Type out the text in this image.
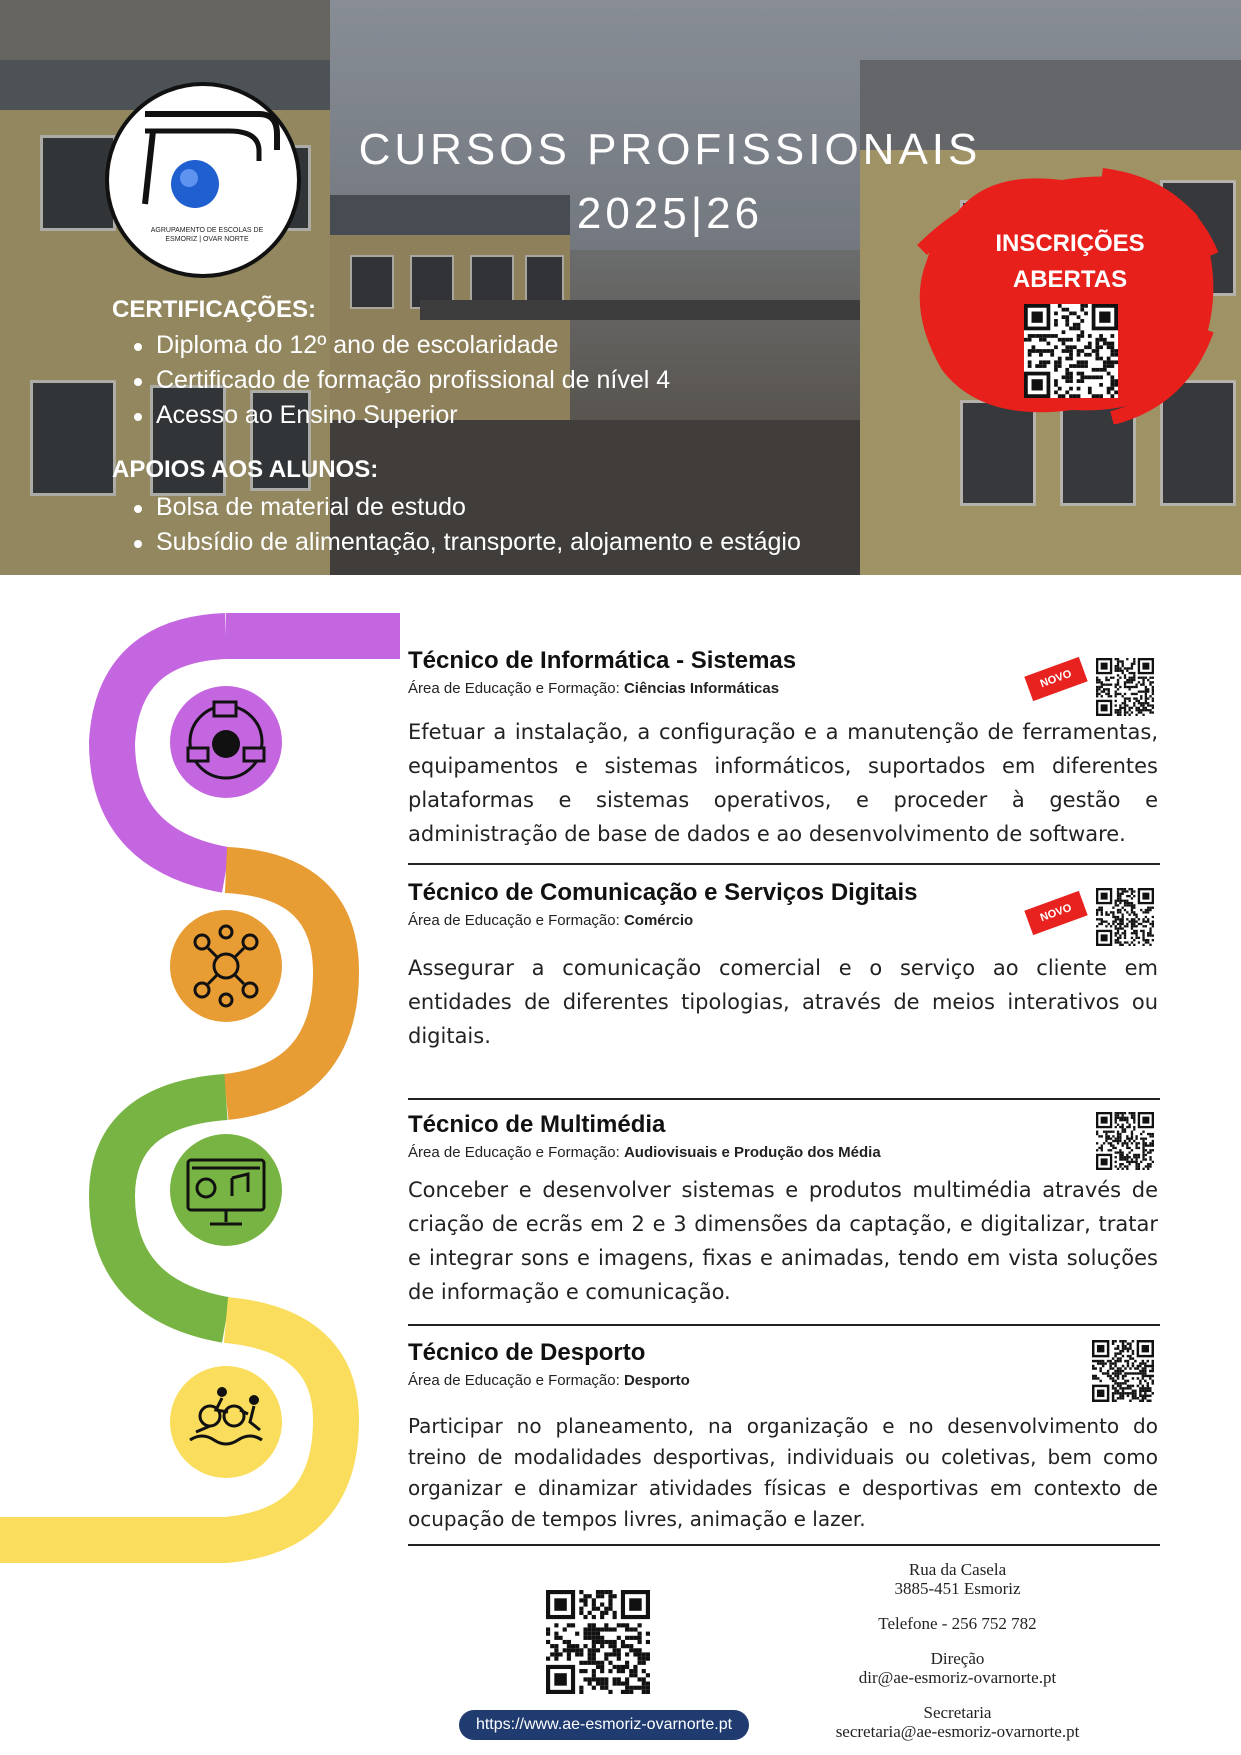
AGRUPAMENTO DE ESCOLAS DE ESMORIZ | OVAR NORTE
CURSOS PROFISSIONAIS
2025|26
CERTIFICAÇÕES:
Diploma do 12º ano de escolaridade
Certificado de formação profissional de nível 4
Acesso ao Ensino Superior
APOIOS AOS ALUNOS:
Bolsa de material de estudo
Subsídio de alimentação, transporte, alojamento e estágio
INSCRIÇÕES
ABERTAS
Técnico de Informática - Sistemas
Área de Educação e Formação: Ciências Informáticas
Efetuar a instalação, a configuração e a manutenção de ferramentas, equipamentos e sistemas informáticos, suportados em diferentes plataformas e sistemas operativos, e proceder à gestão e administração de base de dados e ao desenvolvimento de software.
NOVO
Técnico de Comunicação e Serviços Digitais
Área de Educação e Formação: Comércio
Assegurar a comunicação comercial e o serviço ao cliente em entidades de diferentes tipologias, através de meios interativos ou digitais.
NOVO
Técnico de Multimédia
Área de Educação e Formação: Audiovisuais e Produção dos Média
Conceber e desenvolver sistemas e produtos multimédia através de criação de ecrãs em 2 e 3 dimensões da captação, e digitalizar, tratar e integrar sons e imagens, fixas e animadas, tendo em vista soluções de informação e comunicação.
Técnico de Desporto
Área de Educação e Formação: Desporto
Participar no planeamento, na organização e no desenvolvimento do treino de modalidades desportivas, individuais ou coletivas, bem como organizar e dinamizar atividades físicas e desportivas em contexto de ocupação de tempos livres, animação e lazer.
https://www.ae-esmoriz-ovarnorte.pt
Rua da Casela
3885-451 Esmoriz
Telefone - 256 752 782
Direção
dir@ae-esmoriz-ovarnorte.pt
Secretaria
secretaria@ae-esmoriz-ovarnorte.pt
